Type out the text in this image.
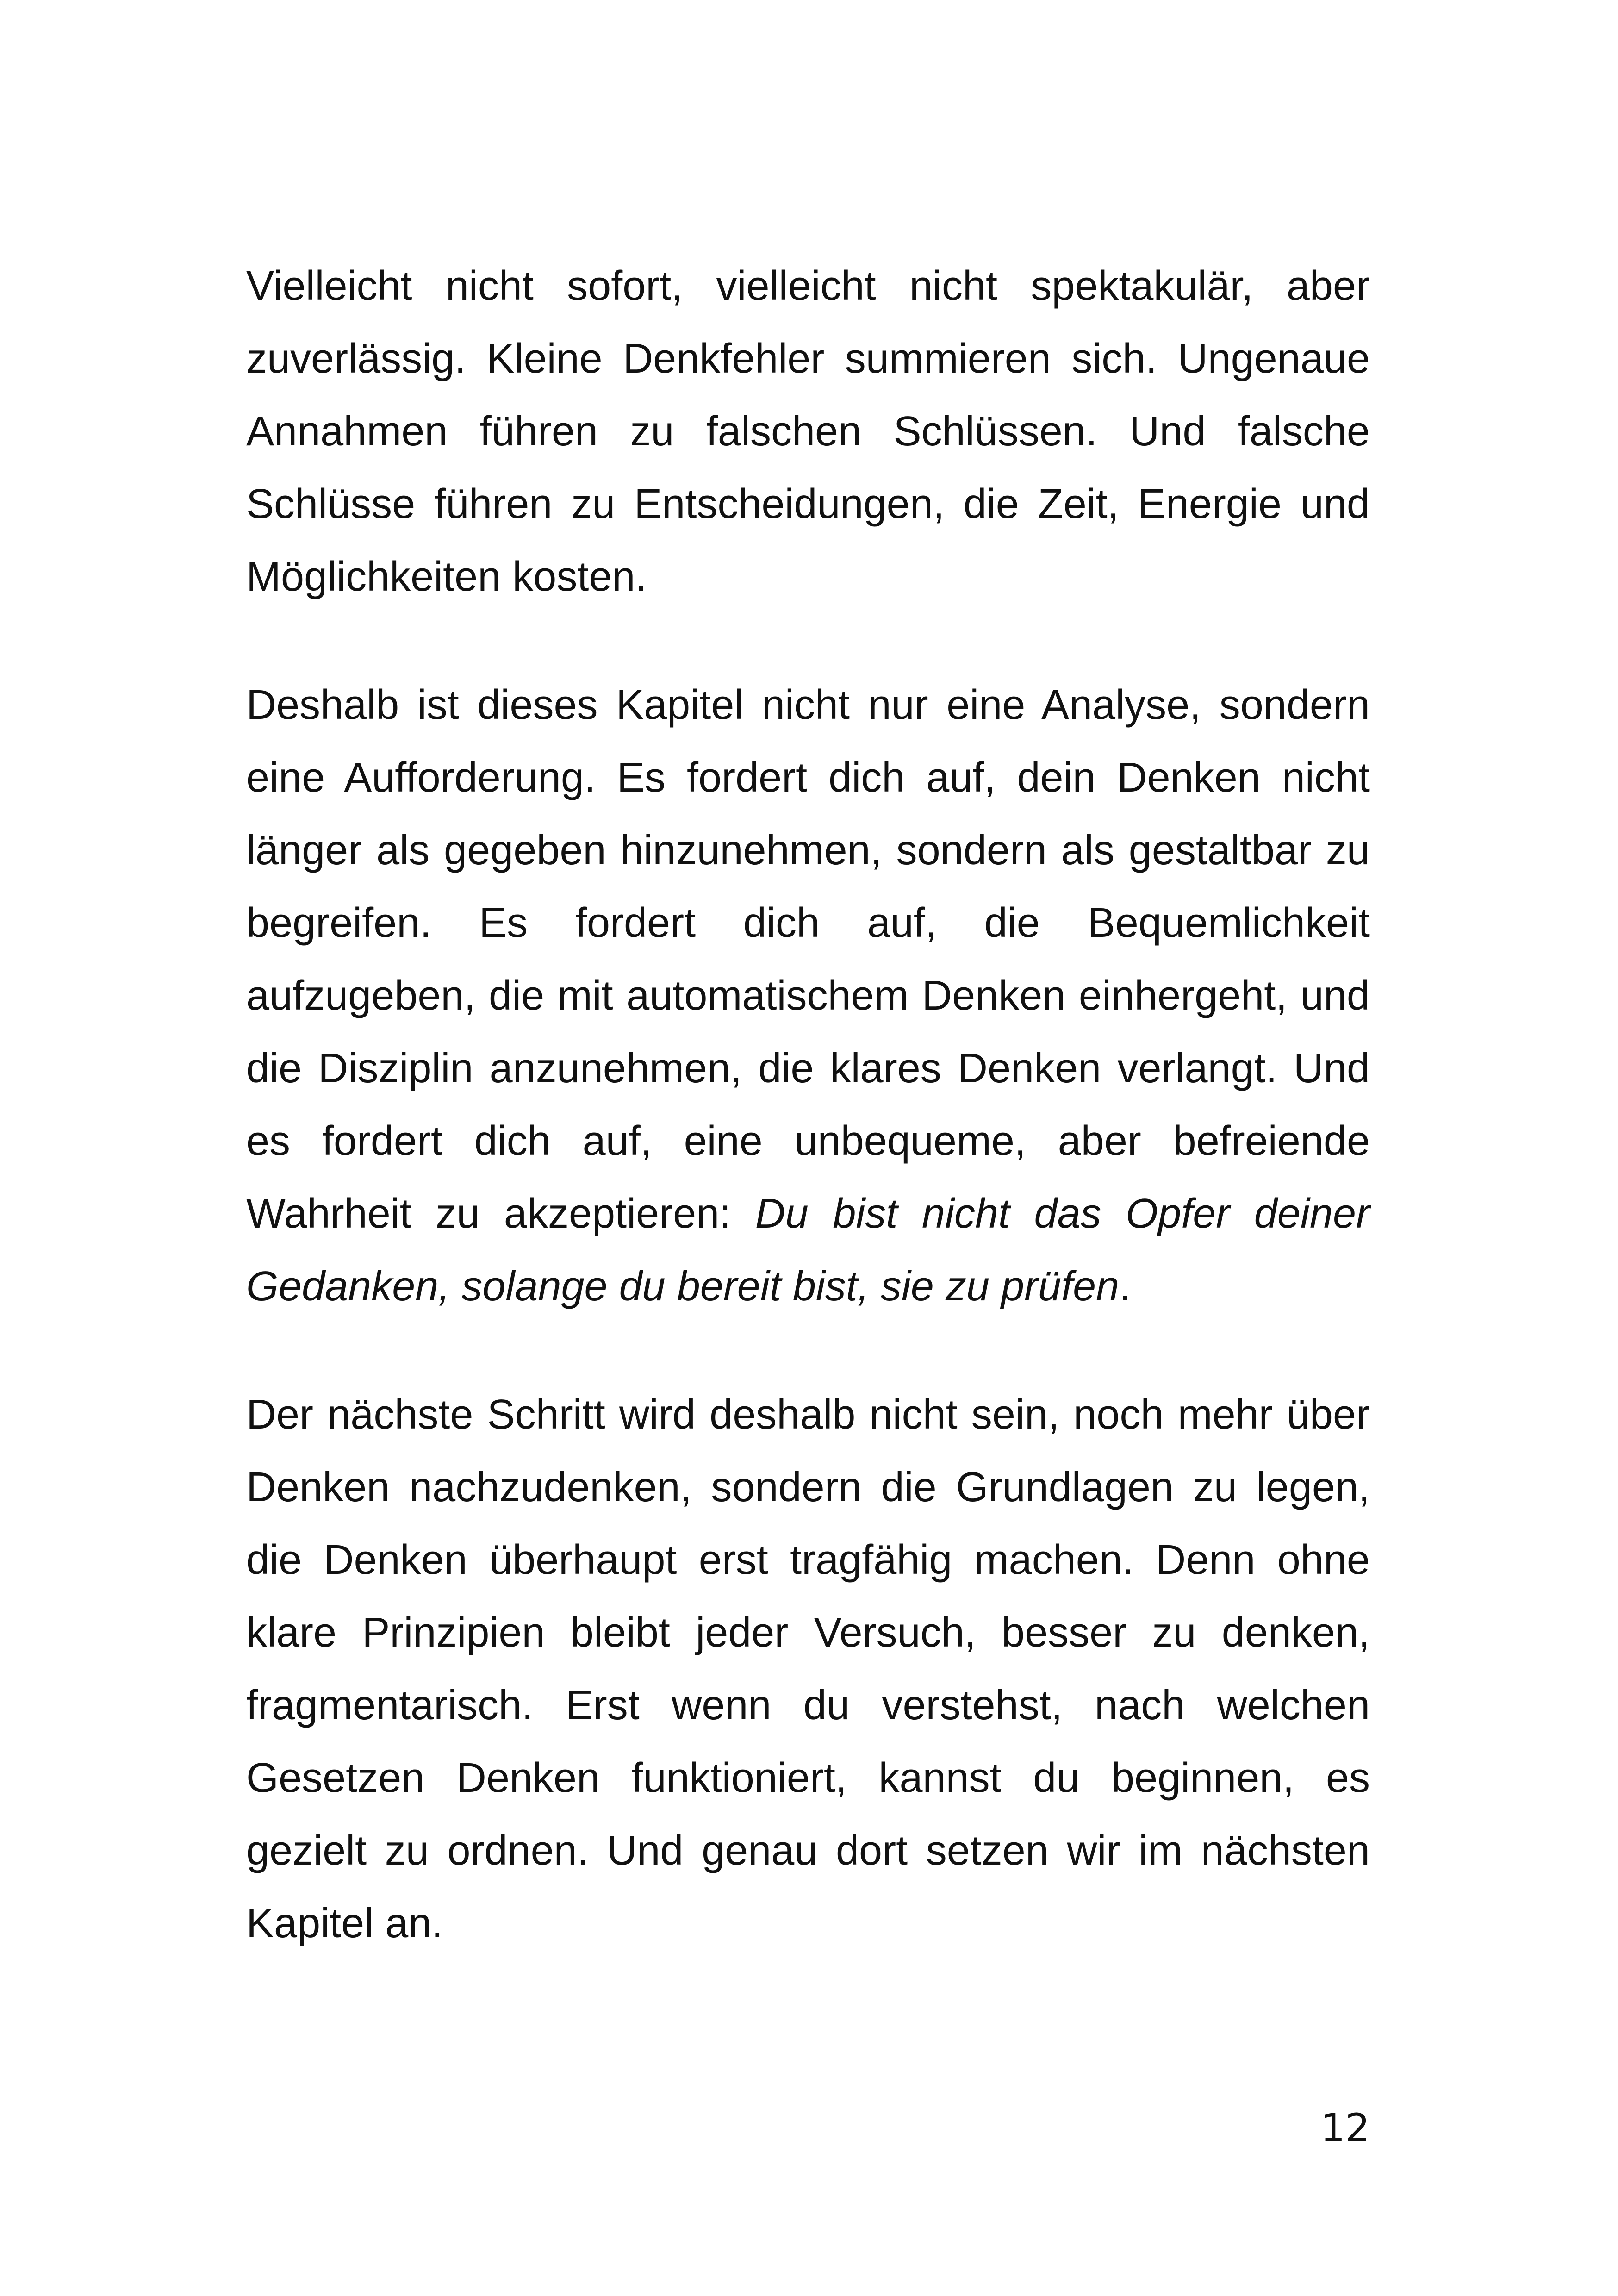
Vielleicht nicht sofort, vielleicht nicht spektakulär, aber zuverlässig. Kleine Denkfehler summieren sich. Ungenaue Annahmen führen zu falschen Schlüssen. Und falsche Schlüsse führen zu Entscheidungen, die Zeit, Energie und Möglichkeiten kosten.

Deshalb ist dieses Kapitel nicht nur eine Analyse, sondern eine Aufforderung. Es fordert dich auf, dein Denken nicht länger als gegeben hinzunehmen, sondern als gestaltbar zu begreifen. Es fordert dich auf, die Bequemlichkeit aufzugeben, die mit automatischem Denken einhergeht, und die Disziplin anzunehmen, die klares Denken verlangt. Und es fordert dich auf, eine unbequeme, aber befreiende Wahrheit zu akzeptieren: Du bist nicht das Opfer deiner Gedanken, solange du bereit bist, sie zu prüfen.

Der nächste Schritt wird deshalb nicht sein, noch mehr über Denken nachzudenken, sondern die Grundlagen zu legen, die Denken überhaupt erst tragfähig machen. Denn ohne klare Prinzipien bleibt jeder Versuch, besser zu denken, fragmentarisch. Erst wenn du verstehst, nach welchen Gesetzen Denken funktioniert, kannst du beginnen, es gezielt zu ordnen. Und genau dort setzen wir im nächsten Kapitel an.

12
